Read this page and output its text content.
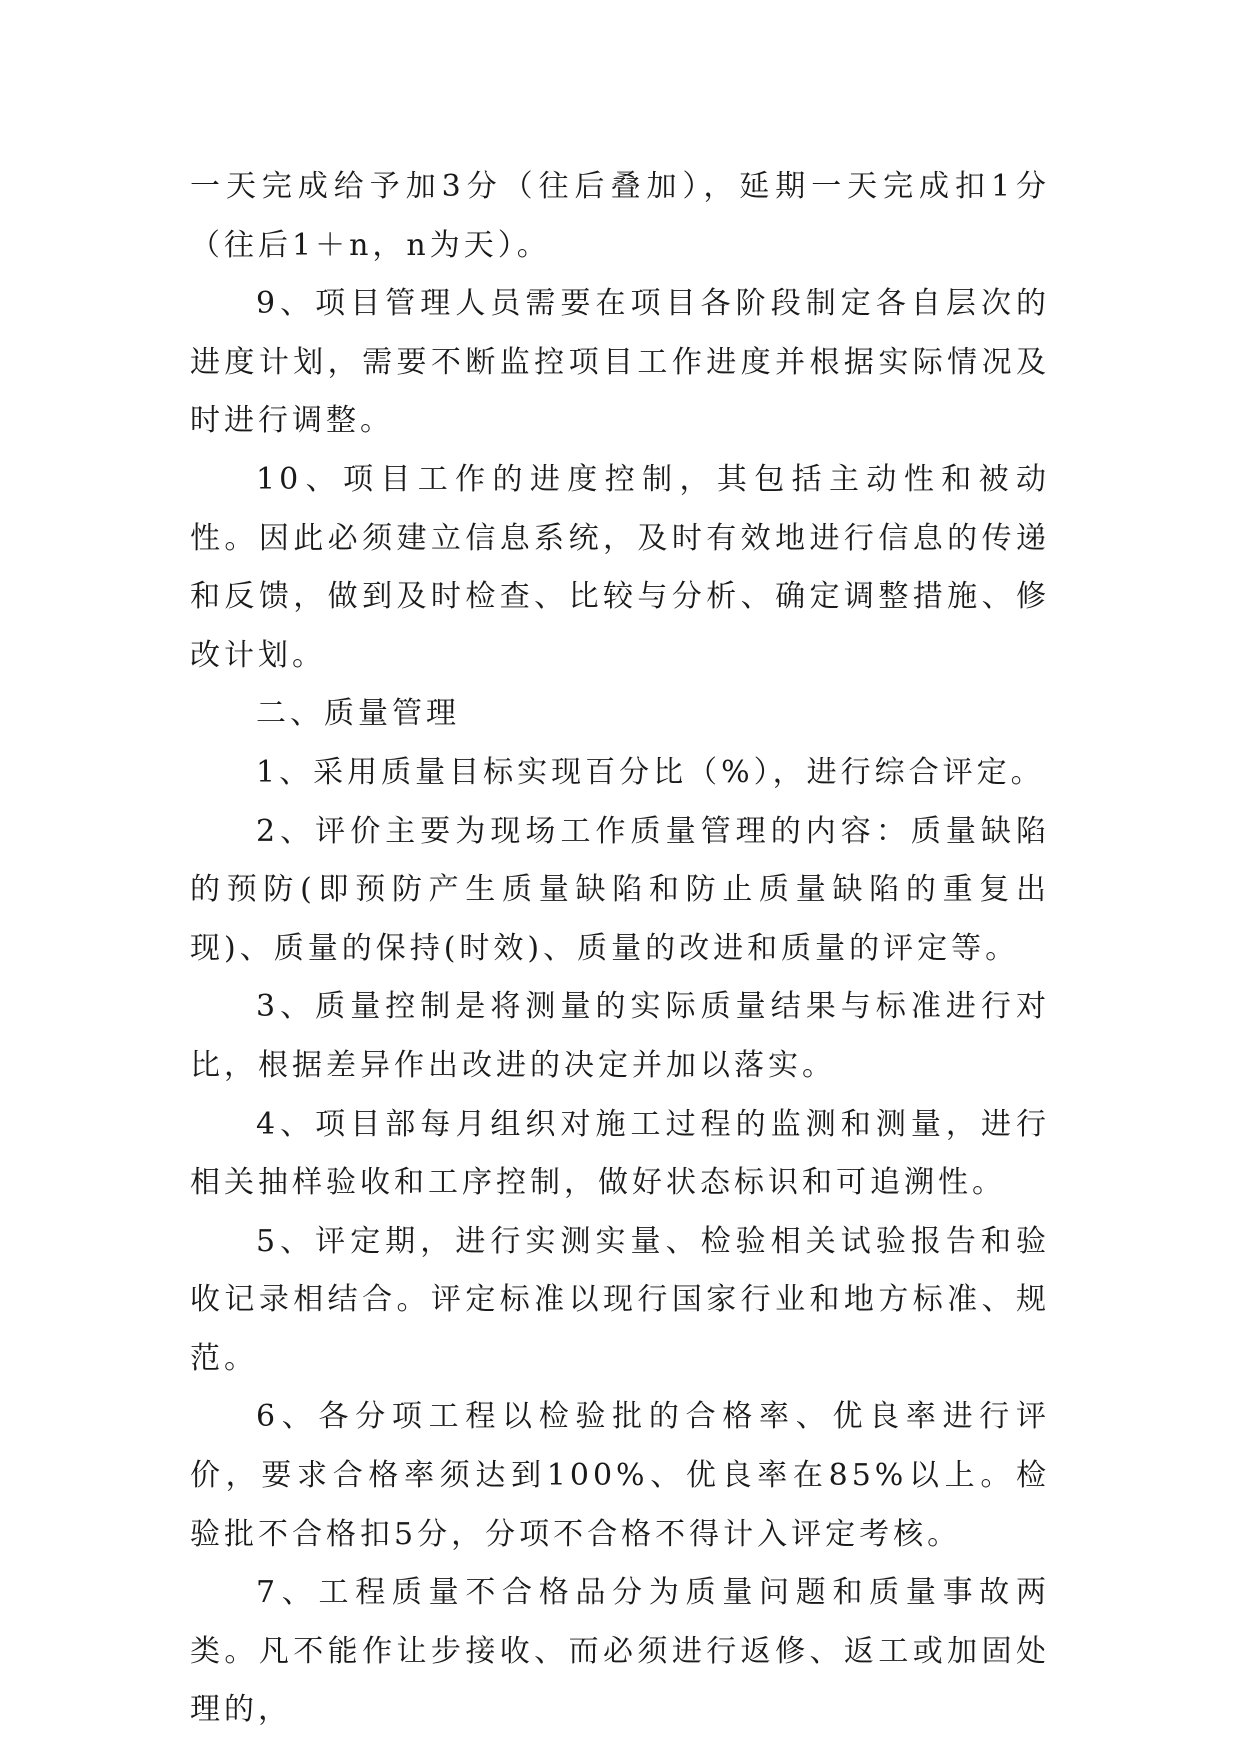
一天完成给予加3分（往后叠加），延期一天完成扣1分（往后1＋n，n为天）。

9、项目管理人员需要在项目各阶段制定各自层次的进度计划，需要不断监控项目工作进度并根据实际情况及时进行调整。

10、项目工作的进度控制，其包括主动性和被动性。因此必须建立信息系统，及时有效地进行信息的传递和反馈，做到及时检查、比较与分析、确定调整措施、修改计划。

二、质量管理

1、采用质量目标实现百分比（%），进行综合评定。

2、评价主要为现场工作质量管理的内容：质量缺陷的预防(即预防产生质量缺陷和防止质量缺陷的重复出现)、质量的保持(时效)、质量的改进和质量的评定等。

3、质量控制是将测量的实际质量结果与标准进行对比，根据差异作出改进的决定并加以落实。

4、项目部每月组织对施工过程的监测和测量，进行相关抽样验收和工序控制，做好状态标识和可追溯性。

5、评定期，进行实测实量、检验相关试验报告和验收记录相结合。评定标准以现行国家行业和地方标准、规范。

6、各分项工程以检验批的合格率、优良率进行评价，要求合格率须达到100%、优良率在85%以上。检验批不合格扣5分，分项不合格不得计入评定考核。

7、工程质量不合格品分为质量问题和质量事故两类。凡不能作让步接收、而必须进行返修、返工或加固处理的，
